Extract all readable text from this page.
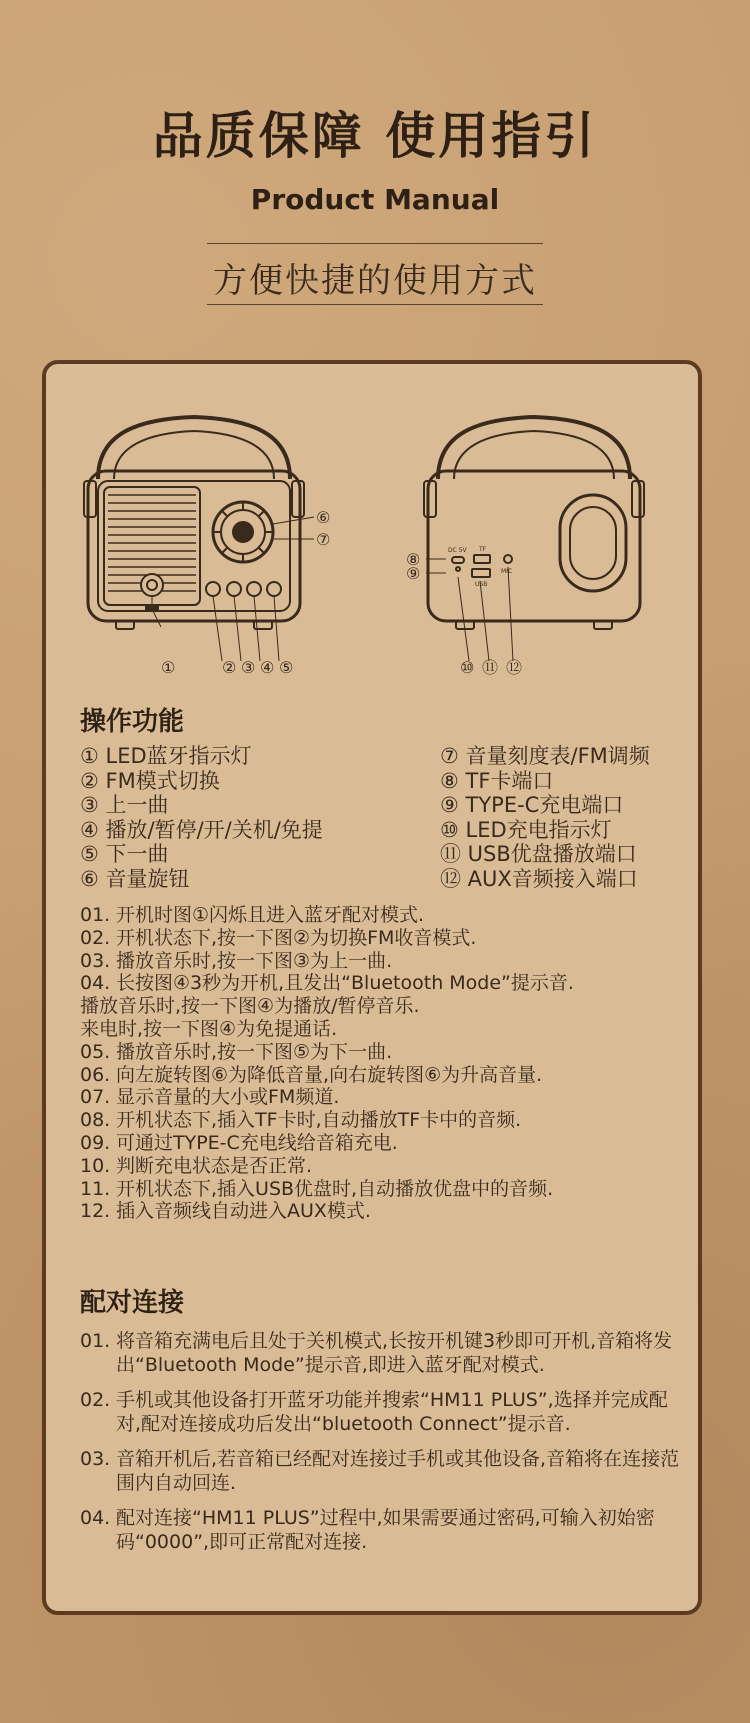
品质保障 使用指引
Product Manual
方便快捷的使用方式
①	② ③ ④ ⑤
⑥
⑦
DC 5V TF
USB
MIC
⑧
⑨
⑩ ⑪ ⑫
操作功能
① LED蓝牙指示灯
② FM模式切换
③ 上一曲
④ 播放/暂停/开/关机/免提
⑤ 下一曲
⑥ 音量旋钮
⑦ 音量刻度表/FM调频
⑧ TF卡端口
⑨ TYPE-C充电端口
⑩ LED充电指示灯
⑪ USB优盘播放端口
⑫ AUX音频接入端口
01. 开机时图①闪烁且进入蓝牙配对模式.
02. 开机状态下,按一下图②为切换FM收音模式.
03. 播放音乐时,按一下图③为上一曲.
04. 长按图④3秒为开机,且发出“Bluetooth Mode”提示音.
播放音乐时,按一下图④为播放/暂停音乐.
来电时,按一下图④为免提通话.
05. 播放音乐时,按一下图⑤为下一曲.
06. 向左旋转图⑥为降低音量,向右旋转图⑥为升高音量.
07. 显示音量的大小或FM频道.
08. 开机状态下,插入TF卡时,自动播放TF卡中的音频.
09. 可通过TYPE-C充电线给音箱充电.
10. 判断充电状态是否正常.
11. 开机状态下,插入USB优盘时,自动播放优盘中的音频.
12. 插入音频线自动进入AUX模式.
配对连接
01. 将音箱充满电后且处于关机模式,长按开机键3秒即可开机,音箱将发出“Bluetooth Mode”提示音,即进入蓝牙配对模式.
02. 手机或其他设备打开蓝牙功能并搜索“HM11 PLUS”,选择并完成配对,配对连接成功后发出“bluetooth Connect”提示音.
03. 音箱开机后,若音箱已经配对连接过手机或其他设备,音箱将在连接范围内自动回连.
04. 配对连接“HM11 PLUS”过程中,如果需要通过密码,可输入初始密码“0000”,即可正常配对连接.
